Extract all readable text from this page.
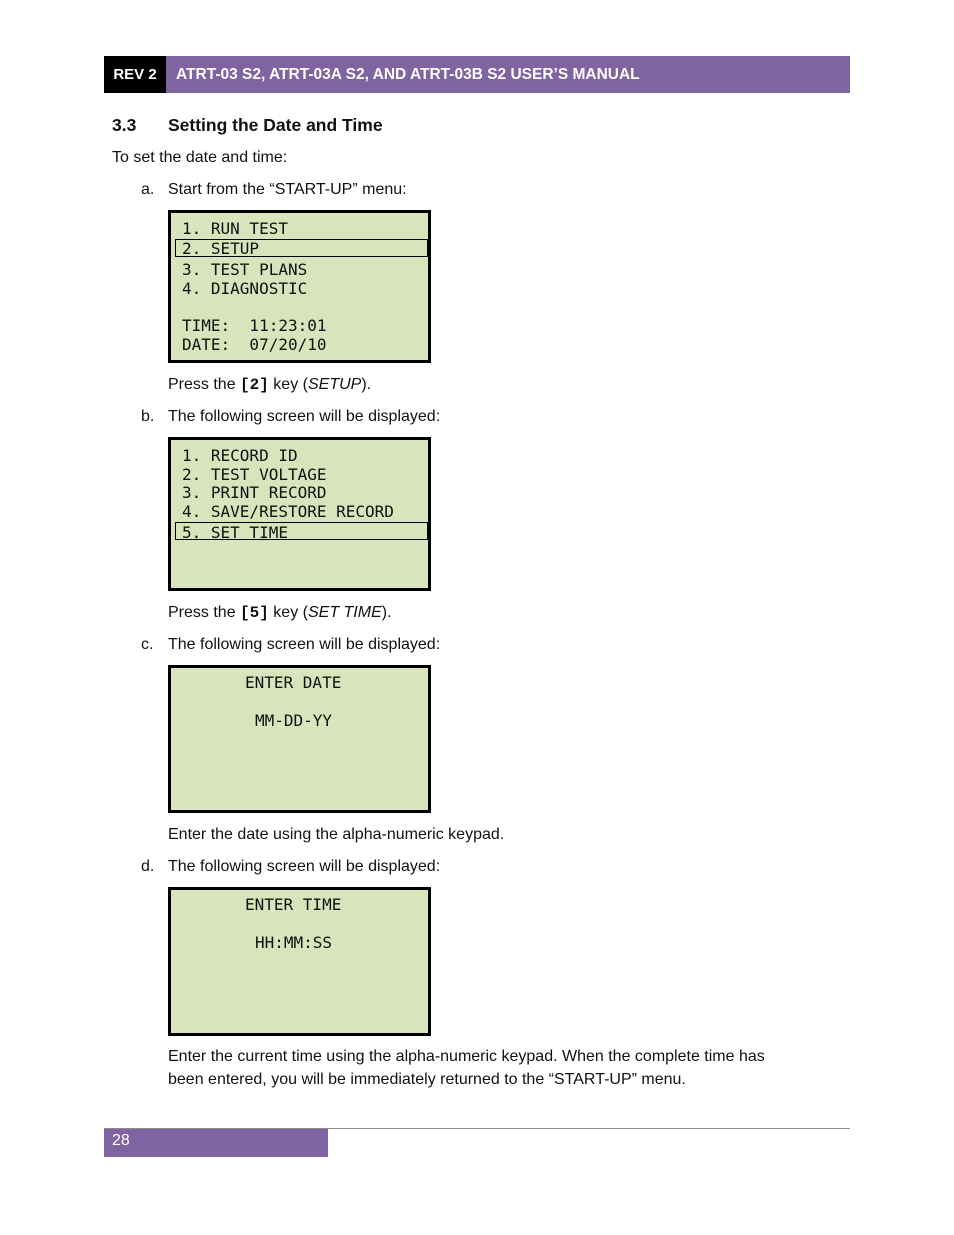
REV 2	ATRT-03 S2, ATRT-03A S2, AND ATRT-03B S2 USER’S MANUAL
3.3 Setting the Date and Time
To set the date and time:
a. Start from the “START-UP” menu:
1. RUN TEST
2. SETUP
3. TEST PLANS
4. DIAGNOSTIC
TIME:  11:23:01
DATE:  07/20/10
Press the [2] key (SETUP).
b. The following screen will be displayed:
1. RECORD ID
2. TEST VOLTAGE
3. PRINT RECORD
4. SAVE/RESTORE RECORD
5. SET TIME
Press the [5] key (SET TIME).
c. The following screen will be displayed:
ENTER DATE
MM-DD-YY
Enter the date using the alpha-numeric keypad.
d. The following screen will be displayed:
ENTER TIME
HH:MM:SS
Enter the current time using the alpha-numeric keypad. When the complete time has
been entered, you will be immediately returned to the “START-UP” menu.
28
